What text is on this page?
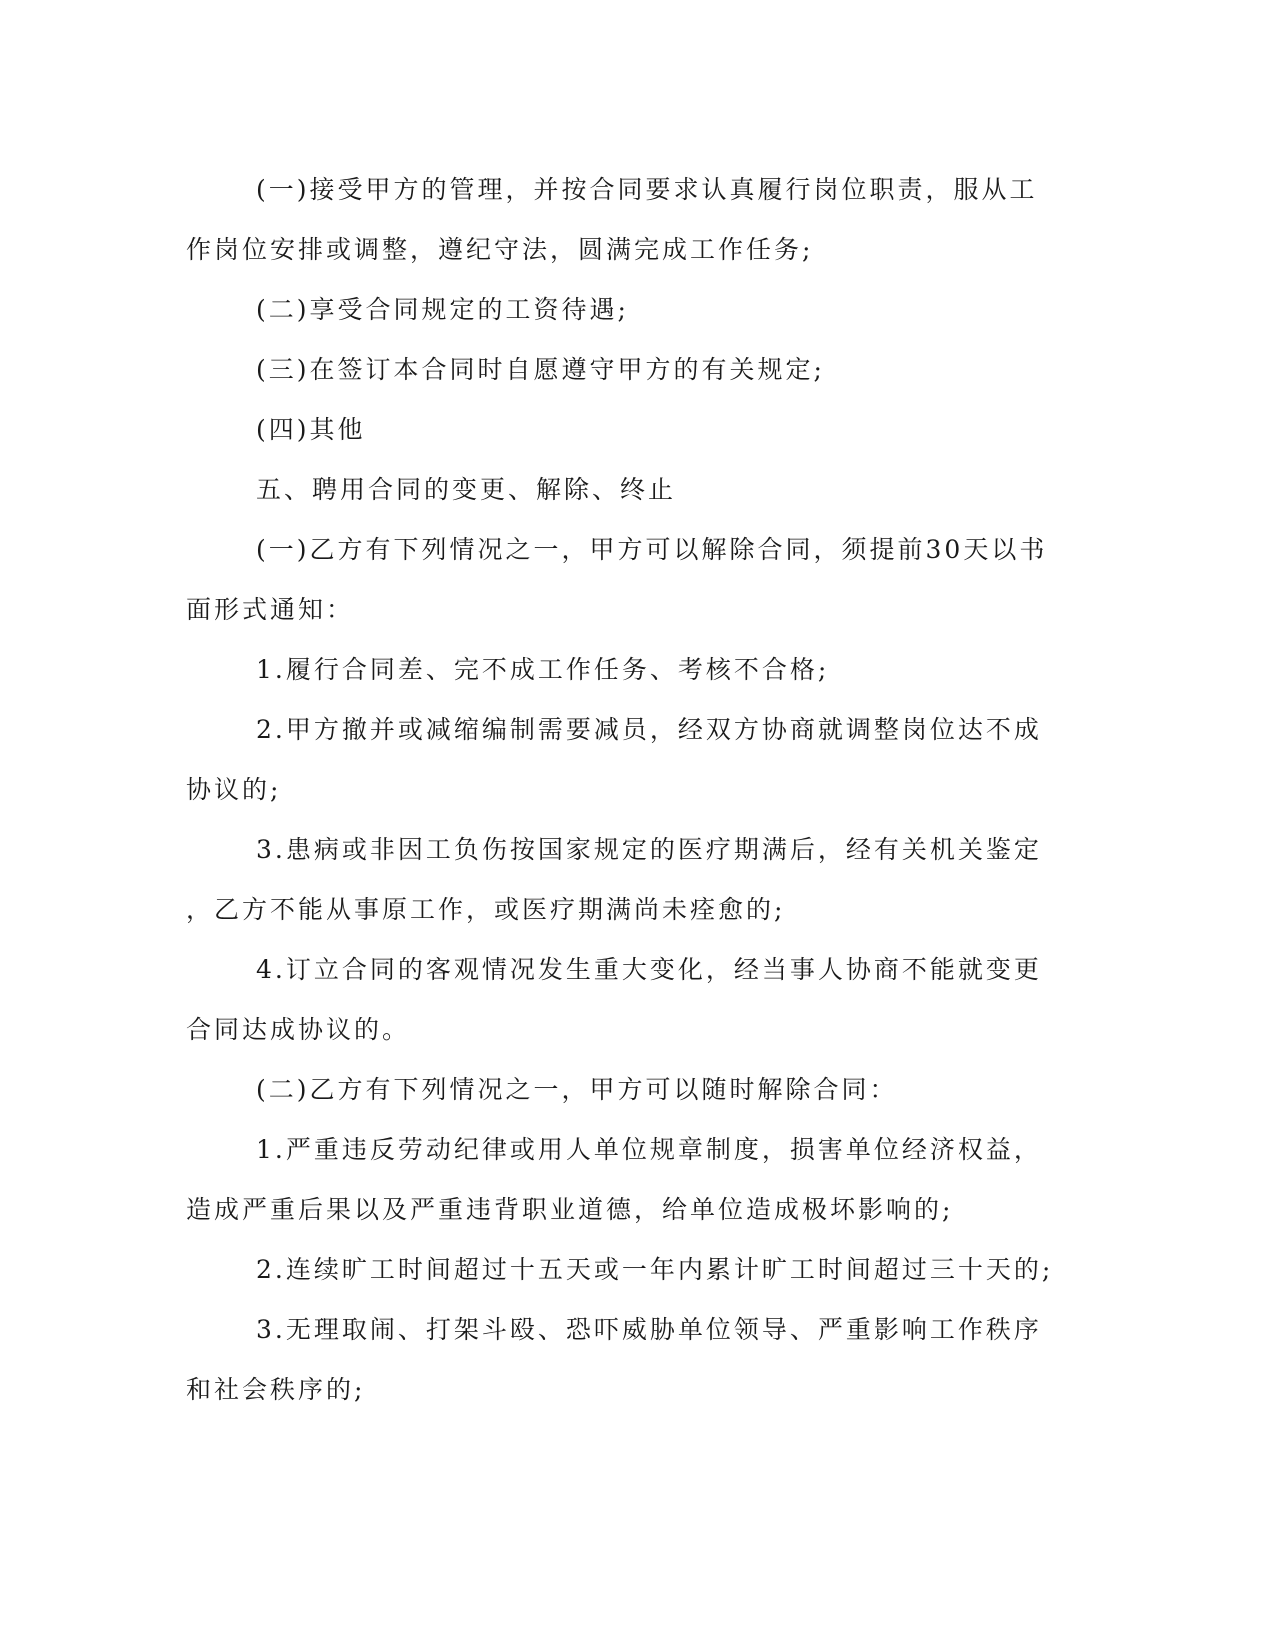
(一)接受甲方的管理，并按合同要求认真履行岗位职责，服从工

作岗位安排或调整，遵纪守法，圆满完成工作任务;

(二)享受合同规定的工资待遇;

(三)在签订本合同时自愿遵守甲方的有关规定;

(四)其他

五、聘用合同的变更、解除、终止

(一)乙方有下列情况之一，甲方可以解除合同，须提前30天以书

面形式通知：

1.履行合同差、完不成工作任务、考核不合格;

2.甲方撤并或减缩编制需要减员，经双方协商就调整岗位达不成

协议的;

3.患病或非因工负伤按国家规定的医疗期满后，经有关机关鉴定

，乙方不能从事原工作，或医疗期满尚未痊愈的;

4.订立合同的客观情况发生重大变化，经当事人协商不能就变更

合同达成协议的。

(二)乙方有下列情况之一，甲方可以随时解除合同：

1.严重违反劳动纪律或用人单位规章制度，损害单位经济权益，

造成严重后果以及严重违背职业道德，给单位造成极坏影响的;

2.连续旷工时间超过十五天或一年内累计旷工时间超过三十天的;

3.无理取闹、打架斗殴、恐吓威胁单位领导、严重影响工作秩序

和社会秩序的;
